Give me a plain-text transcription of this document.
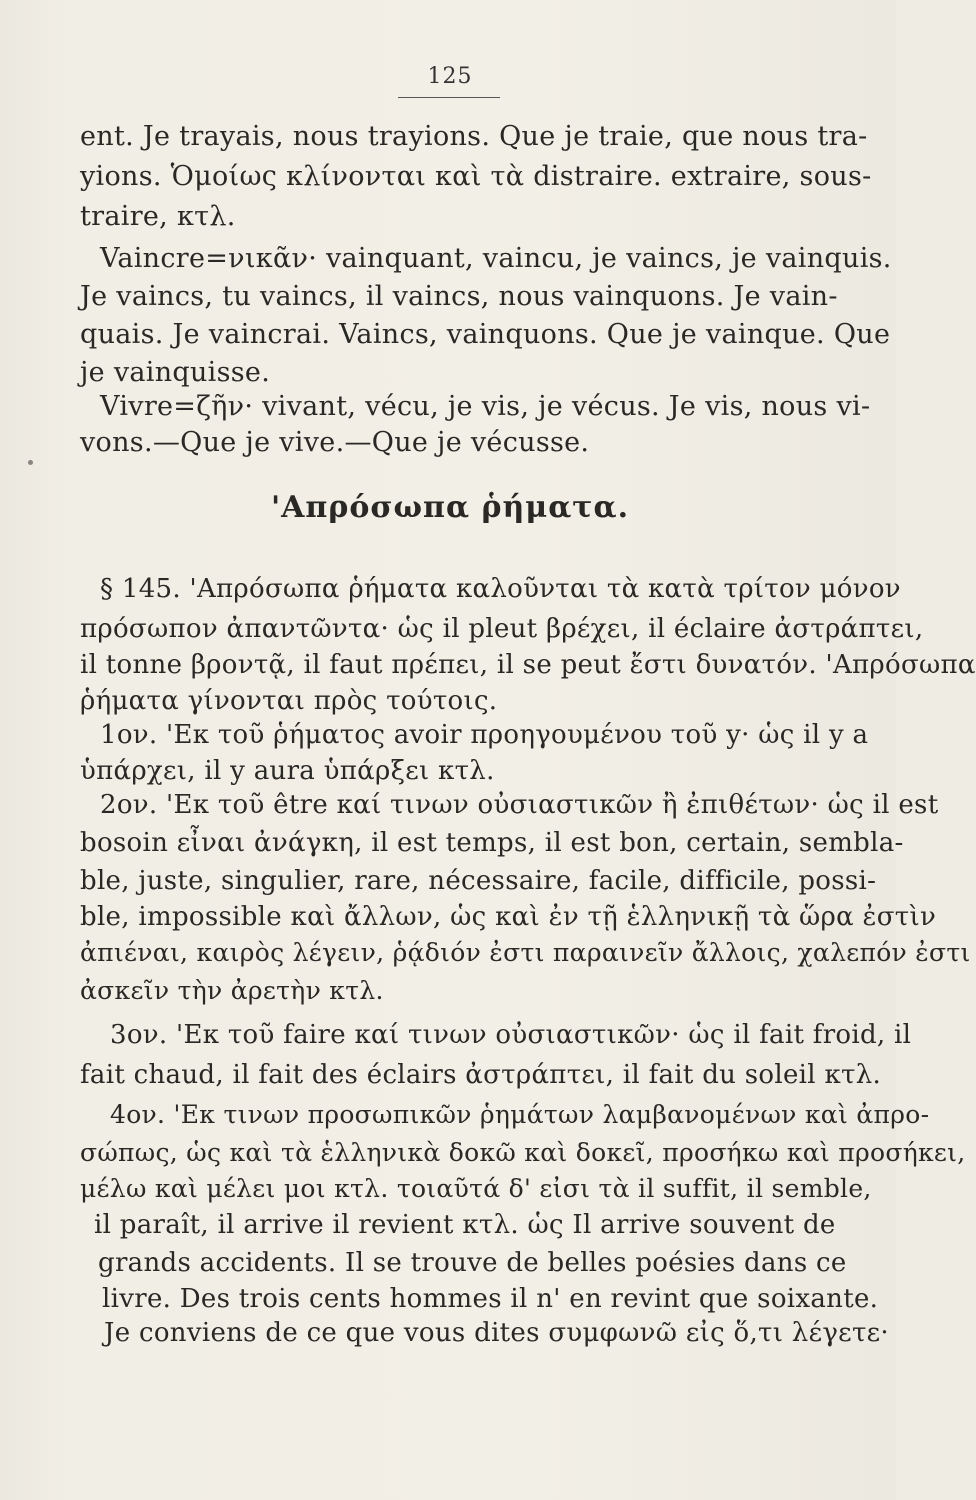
125
ent. Je trayais, nous trayions. Que je traie, que nous tra-
yions. Ὁμοίως κλίνονται καὶ τὰ distraire. extraire, sous-
traire, κτλ.
Vaincre=νικᾶν· vainquant, vaincu, je vaincs, je vainquis.
Je vaincs, tu vaincs, il vaincs, nous vainquons. Je vain-
quais. Je vaincrai. Vaincs, vainquons. Que je vainque. Que
je vainquisse.
Vivre=ζῆν· vivant, vécu, je vis, je vécus. Je vis, nous vi-
vons.—Que je vive.—Que je vécusse.
'Απρόσωπα ῥήματα.
§ 145. 'Απρόσωπα ῥήματα καλοῦνται τὰ κατὰ τρίτον μόνον
πρόσωπον ἀπαντῶντα· ὡς il pleut βρέχει, il éclaire ἀστράπτει,
il tonne βροντᾷ, il faut πρέπει, il se peut ἔστι δυνατόν. 'Απρόσωπα
ῥήματα γίνονται πρὸς τούτοις.
1ον. 'Εκ τοῦ ῥήματος avoir προηγουμένου τοῦ y· ὡς il y a
ὑπάρχει, il y aura ὑπάρξει κτλ.
2ον. 'Εκ τοῦ être καί τινων οὐσιαστικῶν ἢ ἐπιθέτων· ὡς il est
bosoin εἶναι ἀνάγκη, il est temps, il est bon, certain, sembla-
ble, juste, singulier, rare, nécessaire, facile, difficile, possi-
ble, impossible καὶ ἄλλων, ὡς καὶ ἐν τῇ ἑλληνικῇ τὰ ὥρα ἐστὶν
ἀπιέναι, καιρὸς λέγειν, ῥᾴδιόν ἐστι παραινεῖν ἄλλοις, χαλεπόν ἐστι
ἀσκεῖν τὴν ἀρετὴν κτλ.
3ον. 'Εκ τοῦ faire καί τινων οὐσιαστικῶν· ὡς il fait froid, il
fait chaud, il fait des éclairs ἀστράπτει, il fait du soleil κτλ.
4ον. 'Εκ τινων προσωπικῶν ῥημάτων λαμβανομένων καὶ ἀπρο-
σώπως, ὡς καὶ τὰ ἑλληνικὰ δοκῶ καὶ δοκεῖ, προσήκω καὶ προσήκει,
μέλω καὶ μέλει μοι κτλ. τοιαῦτά δ' εἰσι τὰ il suffit, il semble,
il paraît, il arrive il revient κτλ. ὡς Il arrive souvent de
grands accidents. Il se trouve de belles poésies dans ce
livre. Des trois cents hommes il n' en revint que soixante.
Je conviens de ce que vous dites συμφωνῶ εἰς ὅ,τι λέγετε·
